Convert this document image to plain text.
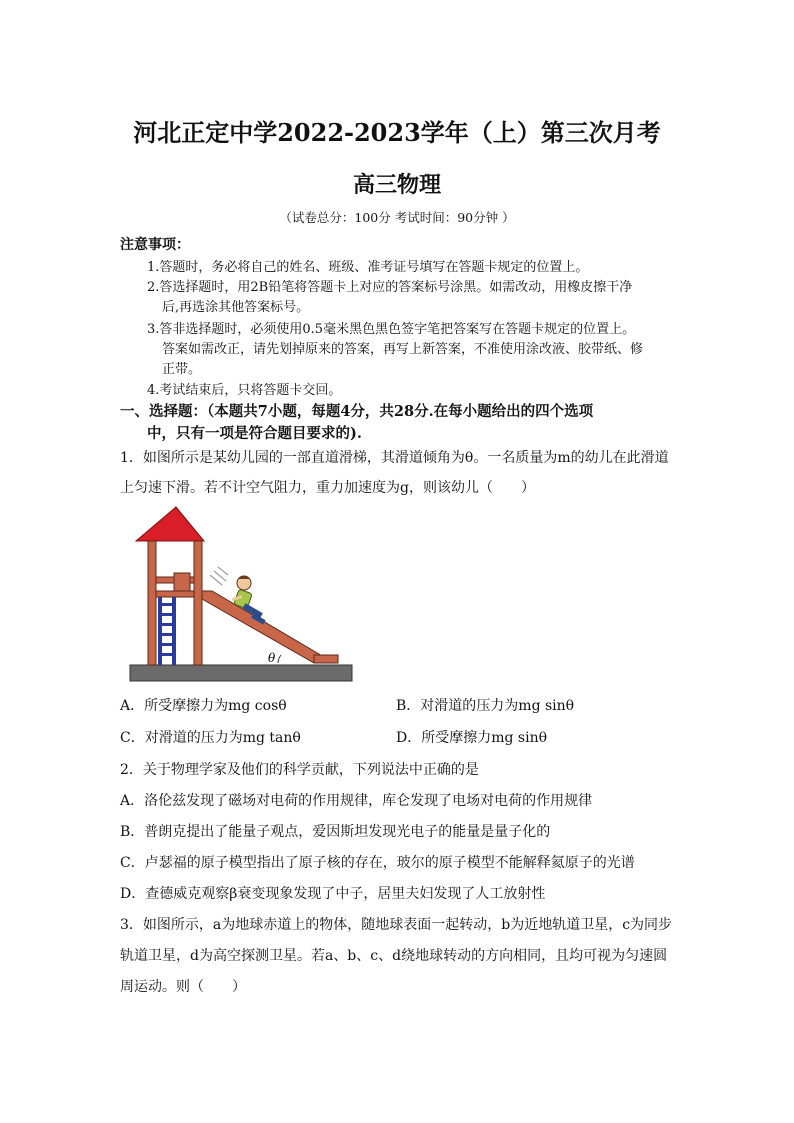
河北正定中学2022-2023学年（上）第三次月考
高三物理
（试卷总分：100分 考试时间：90分钟 ）
注意事项：
1.答题时，务必将自己的姓名、班级、准考证号填写在答题卡规定的位置上。
2.答选择题时，用2B铅笔将答题卡上对应的答案标号涂黑。如需改动，用橡皮擦干净
后,再选涂其他答案标号。
3.答非选择题时，必须使用0.5毫米黑色黑色签字笔把答案写在答题卡规定的位置上。
答案如需改正，请先划掉原来的答案，再写上新答案，不准使用涂改液、胶带纸、修
正带。
4.考试结束后，只将答题卡交回。
一、选择题：（本题共7小题，每题4分，共28分.在每小题给出的四个选项
中，只有一项是符合题目要求的).
1．如图所示是某幼儿园的一部直道滑梯，其滑道倾角为θ。一名质量为m的幼儿在此滑道
上匀速下滑。若不计空气阻力，重力加速度为g，则该幼儿（　　）
θ
A．所受摩擦力为mg cosθ	B．对滑道的压力为mg sinθ
C．对滑道的压力为mg tanθ	D．所受摩擦力mg sinθ
2．关于物理学家及他们的科学贡献，下列说法中正确的是
A．洛伦兹发现了磁场对电荷的作用规律，库仑发现了电场对电荷的作用规律
B．普朗克提出了能量子观点，爱因斯坦发现光电子的能量是量子化的
C．卢瑟福的原子模型指出了原子核的存在，玻尔的原子模型不能解释氦原子的光谱
D．查德威克观察β衰变现象发现了中子，居里夫妇发现了人工放射性
3．如图所示，a为地球赤道上的物体，随地球表面一起转动，b为近地轨道卫星，c为同步
轨道卫星，d为高空探测卫星。若a、b、c、d绕地球转动的方向相同，且均可视为匀速圆
周运动。则（　　）
